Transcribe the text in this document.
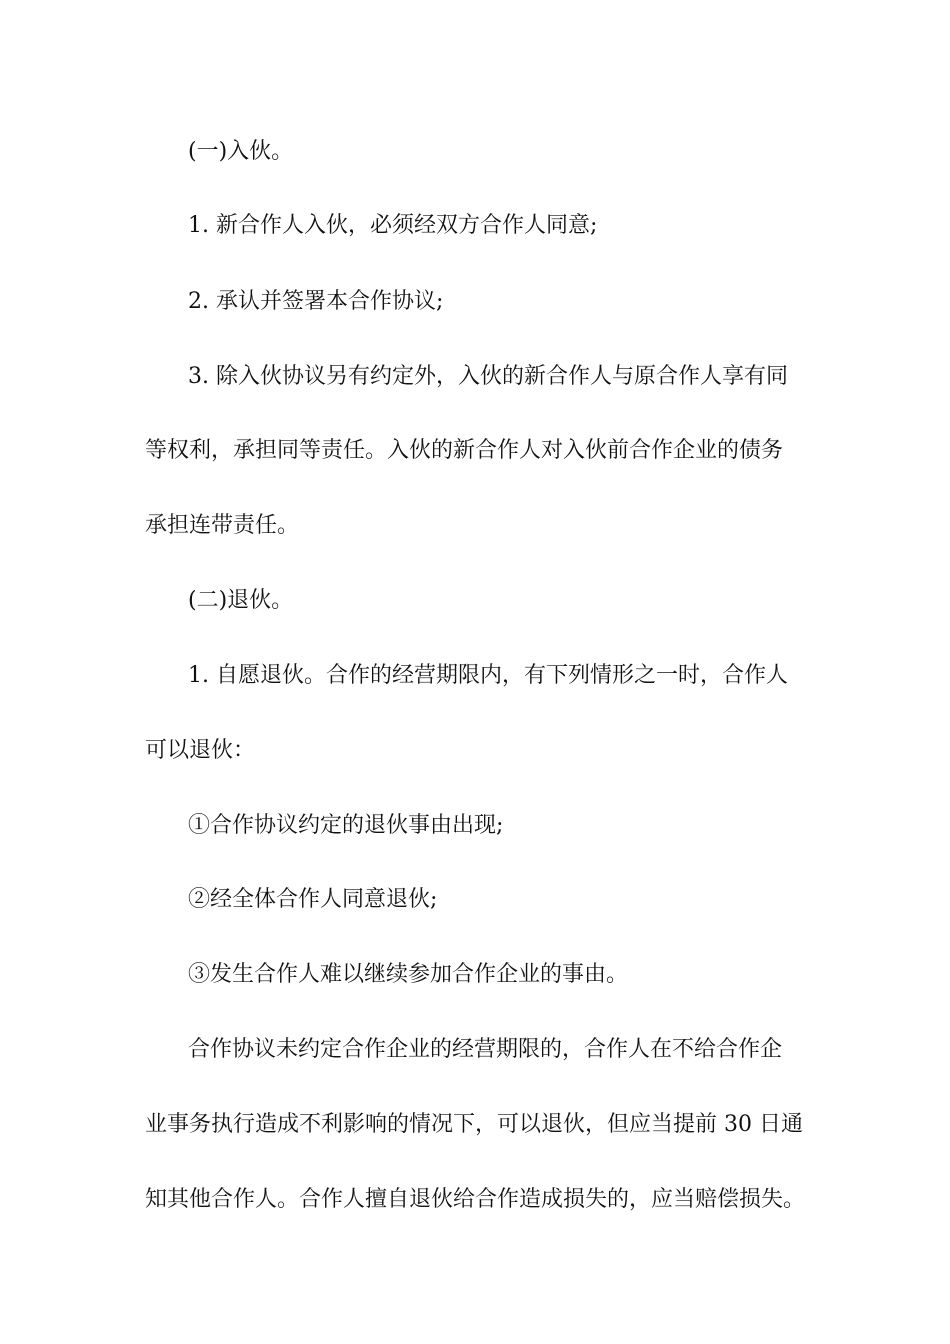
(一)入伙。
1. 新合作人入伙，必须经双方合作人同意;
2. 承认并签署本合作协议;
3. 除入伙协议另有约定外，入伙的新合作人与原合作人享有同
等权利，承担同等责任。入伙的新合作人对入伙前合作企业的债务
承担连带责任。
(二)退伙。
1. 自愿退伙。合作的经营期限内，有下列情形之一时，合作人
可以退伙：
①合作协议约定的退伙事由出现;
②经全体合作人同意退伙;
③发生合作人难以继续参加合作企业的事由。
合作协议未约定合作企业的经营期限的，合作人在不给合作企
业事务执行造成不利影响的情况下，可以退伙，但应当提前 30 日通
知其他合作人。合作人擅自退伙给合作造成损失的，应当赔偿损失。
